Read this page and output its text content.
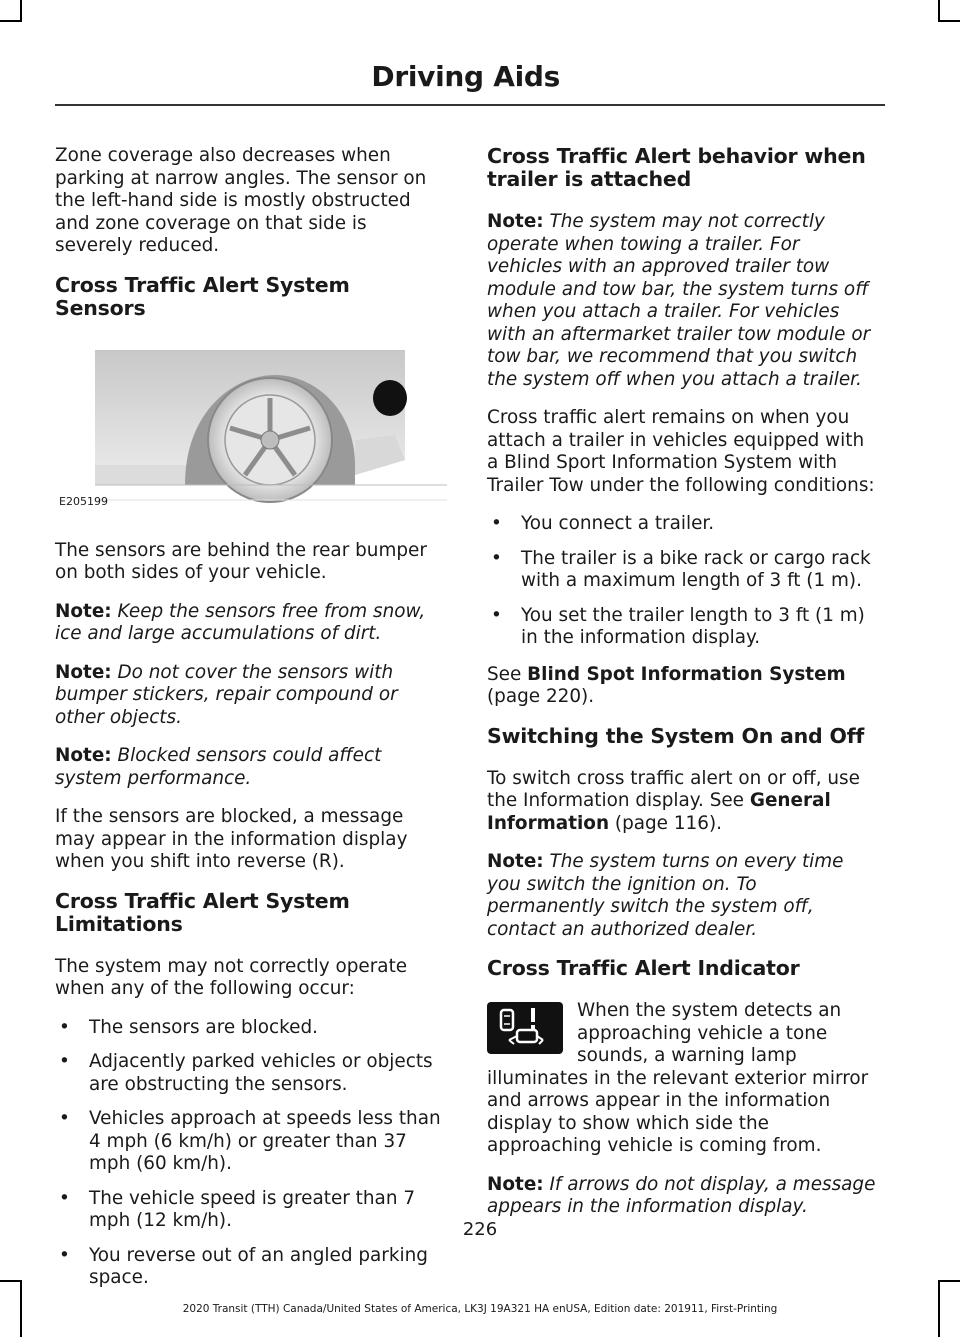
Driving Aids

Zone coverage also decreases when parking at narrow angles. The sensor on the left-hand side is mostly obstructed and zone coverage on that side is severely reduced.

Cross Traffic Alert System Sensors
E205199

The sensors are behind the rear bumper on both sides of your vehicle.

Note: Keep the sensors free from snow, ice and large accumulations of dirt.

Note: Do not cover the sensors with bumper stickers, repair compound or other objects.

Note: Blocked sensors could affect system performance.

If the sensors are blocked, a message may appear in the information display when you shift into reverse (R).

Cross Traffic Alert System Limitations

The system may not correctly operate when any of the following occur:

• The sensors are blocked.
• Adjacently parked vehicles or objects are obstructing the sensors.
• Vehicles approach at speeds less than 4 mph (6 km/h) or greater than 37 mph (60 km/h).
• The vehicle speed is greater than 7 mph (12 km/h).
• You reverse out of an angled parking space.
Cross Traffic Alert behavior when trailer is attached

Note: The system may not correctly operate when towing a trailer. For vehicles with an approved trailer tow module and tow bar, the system turns off when you attach a trailer. For vehicles with an aftermarket trailer tow module or tow bar, we recommend that you switch the system off when you attach a trailer.

Cross traffic alert remains on when you attach a trailer in vehicles equipped with a Blind Sport Information System with Trailer Tow under the following conditions:

• You connect a trailer.
• The trailer is a bike rack or cargo rack with a maximum length of 3 ft (1 m).
• You set the trailer length to 3 ft (1 m) in the information display.

See Blind Spot Information System (page 220).

Switching the System On and Off

To switch cross traffic alert on or off, use the Information display. See General Information (page 116).

Note: The system turns on every time you switch the ignition on. To permanently switch the system off, contact an authorized dealer.

Cross Traffic Alert Indicator

When the system detects an approaching vehicle a tone sounds, a warning lamp illuminates in the relevant exterior mirror and arrows appear in the information display to show which side the approaching vehicle is coming from.

Note: If arrows do not display, a message appears in the information display.

226
2020 Transit (TTH) Canada/United States of America, LK3J 19A321 HA enUSA, Edition date: 201911, First-Printing
